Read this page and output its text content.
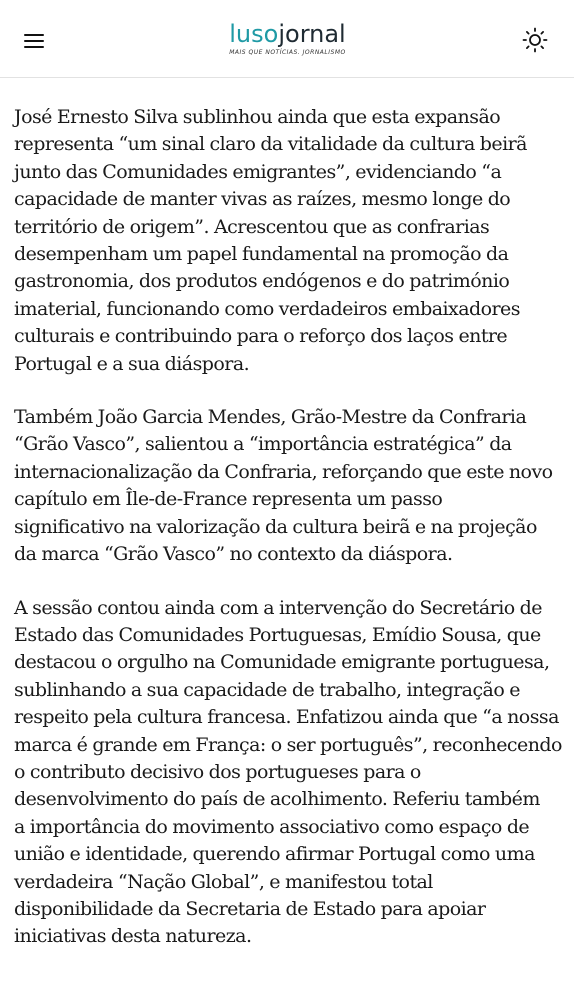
lusojornal
MAIS QUE NOTÍCIAS. JORNALISMO

José Ernesto Silva sublinhou ainda que esta expansão
representa “um sinal claro da vitalidade da cultura beirã
junto das Comunidades emigrantes”, evidenciando “a
capacidade de manter vivas as raízes, mesmo longe do
território de origem”. Acrescentou que as confrarias
desempenham um papel fundamental na promoção da
gastronomia, dos produtos endógenos e do património
imaterial, funcionando como verdadeiros embaixadores
culturais e contribuindo para o reforço dos laços entre
Portugal e a sua diáspora.

Também João Garcia Mendes, Grão-Mestre da Confraria
“Grão Vasco”, salientou a “importância estratégica” da
internacionalização da Confraria, reforçando que este novo
capítulo em Île-de-France representa um passo
significativo na valorização da cultura beirã e na projeção
da marca “Grão Vasco” no contexto da diáspora.

A sessão contou ainda com a intervenção do Secretário de
Estado das Comunidades Portuguesas, Emídio Sousa, que
destacou o orgulho na Comunidade emigrante portuguesa,
sublinhando a sua capacidade de trabalho, integração e
respeito pela cultura francesa. Enfatizou ainda que “a nossa
marca é grande em França: o ser português”, reconhecendo
o contributo decisivo dos portugueses para o
desenvolvimento do país de acolhimento. Referiu também
a importância do movimento associativo como espaço de
união e identidade, querendo afirmar Portugal como uma
verdadeira “Nação Global”, e manifestou total
disponibilidade da Secretaria de Estado para apoiar
iniciativas desta natureza.
